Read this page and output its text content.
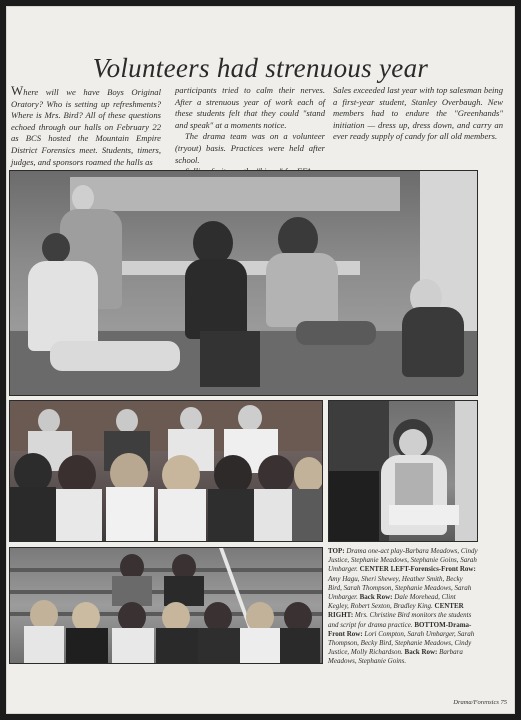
Volunteers had strenuous year

Where will we have Boys Original Oratory? Who is setting up refreshments? Where is Mrs. Bird? All of these questions echoed through our halls on February 22 as BCS hosted the Mountain Empire District Forensics meet. Students, timers, judges, and sponsors roamed the halls as

participants tried to calm their nerves. After a strenuous year of work each of these students felt that they could "stand and speak" at a moments notice.

The drama team was on a volunteer (tryout) basis. Practices were held after school.

Sales exceeded last year with top salesman being a first-year student, Stanley Overbaugh. New members had to endure the "Greenhands" initiation — dress up, dress down, and carry an ever ready supply of candy for all old members.

TOP: Drama one-act play-Barbara Meadows, Cindy Justice, Stephanie Meadows, Stephanie Goins, Sarah Umbarger. CENTER LEFT-Forensics-Front Row: Amy Hagu, Sheri Shewey, Heather Smith, Becky Bird, Sarah Thompson, Stephanie Meadows, Sarah Umbarger. Back Row: Dale Morehead, Clint Kegley, Robert Sexton, Bradley King. CENTER RIGHT: Mrs. Christine Bird monitors the students and script for drama practice. BOTTOM-Drama-Front Row: Lori Compton, Sarah Umbarger, Sarah Thompson, Becky Bird, Stephanie Meadows, Cindy Justice, Molly Richardson. Back Row: Barbara Meadows, Stephanie Goins.

Drama/Forensics 75
